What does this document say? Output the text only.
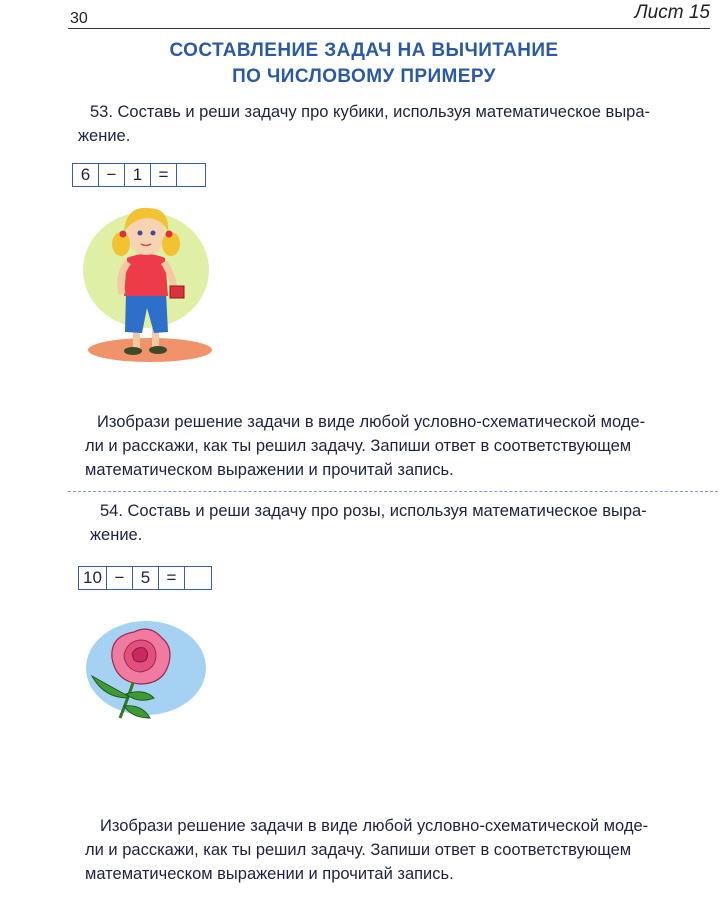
30	Лист 15
СОСТАВЛЕНИЕ ЗАДАЧ НА ВЫЧИТАНИЕ
ПО ЧИСЛОВОМУ ПРИМЕРУ
53. Составь и реши задачу про кубики, используя математическое выра-
жение.
6 − 1 =
Изобрази решение задачи в виде любой условно-схематической моде-
ли и расскажи, как ты решил задачу. Запиши ответ в соответствующем
математическом выражении и прочитай запись.
54. Составь и реши задачу про розы, используя математическое выра-
жение.
10 − 5 =
Изобрази решение задачи в виде любой условно-схематической моде-
ли и расскажи, как ты решил задачу. Запиши ответ в соответствующем
математическом выражении и прочитай запись.
